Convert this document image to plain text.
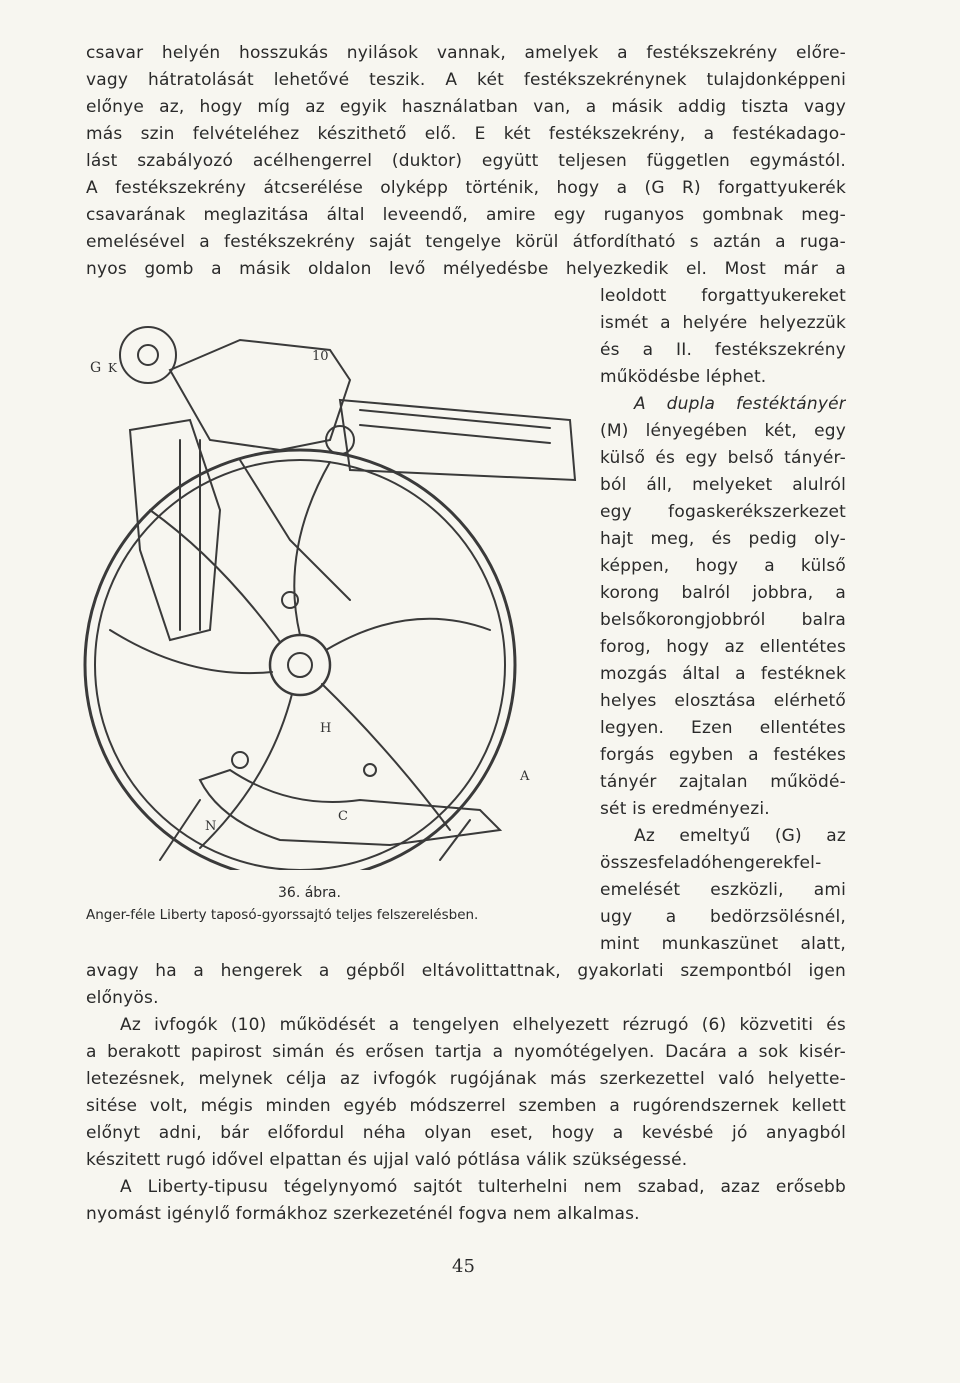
csavar helyén hosszukás nyilások vannak, amelyek a festékszekrény előre-
vagy hátratolását lehetővé teszik. A két festékszekrénynek tulajdonképpeni
előnye az, hogy míg az egyik használatban van, a másik addig tiszta vagy
más szin felvételéhez készithető elő. E két festékszekrény, a festékadago-
lást szabályozó acélhengerrel (duktor) együtt teljesen független egymástól.
A festékszekrény átcserélése olyképp történik, hogy a (G R) forgattyukerék
csavarának meglazitása által leveendő, amire egy ruganyos gombnak meg-
emelésével a festékszekrény saját tengelye körül átfordítható s aztán a ruga-
nyos gomb a másik oldalon levő mélyedésbe helyezkedik el. Most már a
leoldott forgattyukereket
ismét a helyére helyezzük
és a II. festékszekrény
működésbe léphet.
A dupla festéktányér
(M) lényegében két, egy
külső és egy belső tányér-
ból áll, melyeket alulról
egy fogaskerékszerkezet
hajt meg, és pedig oly-
képpen, hogy a külső
korong balról jobbra, a
belsőkorongjobbról balra
forog, hogy az ellentétes
mozgás által a festéknek
helyes elosztása elérhető
legyen. Ezen ellentétes
forgás egyben a festékes
tányér zajtalan működé-
sét is eredményezi.
Az emeltyű (G) az
összesfeladóhengerekfel-
emelését eszközli, ami
ugy a bedörzsölésnél,
mint munkaszünet alatt,
avagy ha a hengerek a gépből eltávolittattnak, gyakorlati szempontból igen
előnyös.
Az ivfogók (10) működését a tengelyen elhelyezett rézrugó (6) közvetiti és
a berakott papirost simán és erősen tartja a nyomótégelyen. Dacára a sok kisér-
letezésnek, melynek célja az ivfogók rugójának más szerkezettel való helyette-
sitése volt, mégis minden egyéb módszerrel szemben a rugórendszernek kellett
előnyt adni, bár előfordul néha olyan eset, hogy a kevésbé jó anyagból
készitett rugó idővel elpattan és ujjal való pótlása válik szükségessé.
A Liberty-tipusu tégelynyomó sajtót tulterhelni nem szabad, azaz erősebb
nyomást igénylő formákhoz szerkezeténél fogva nem alkalmas.
G K
10
A
C
H
N
36. ábra.
Anger-féle Liberty taposó-gyorssajtó teljes felszerelésben.
45
